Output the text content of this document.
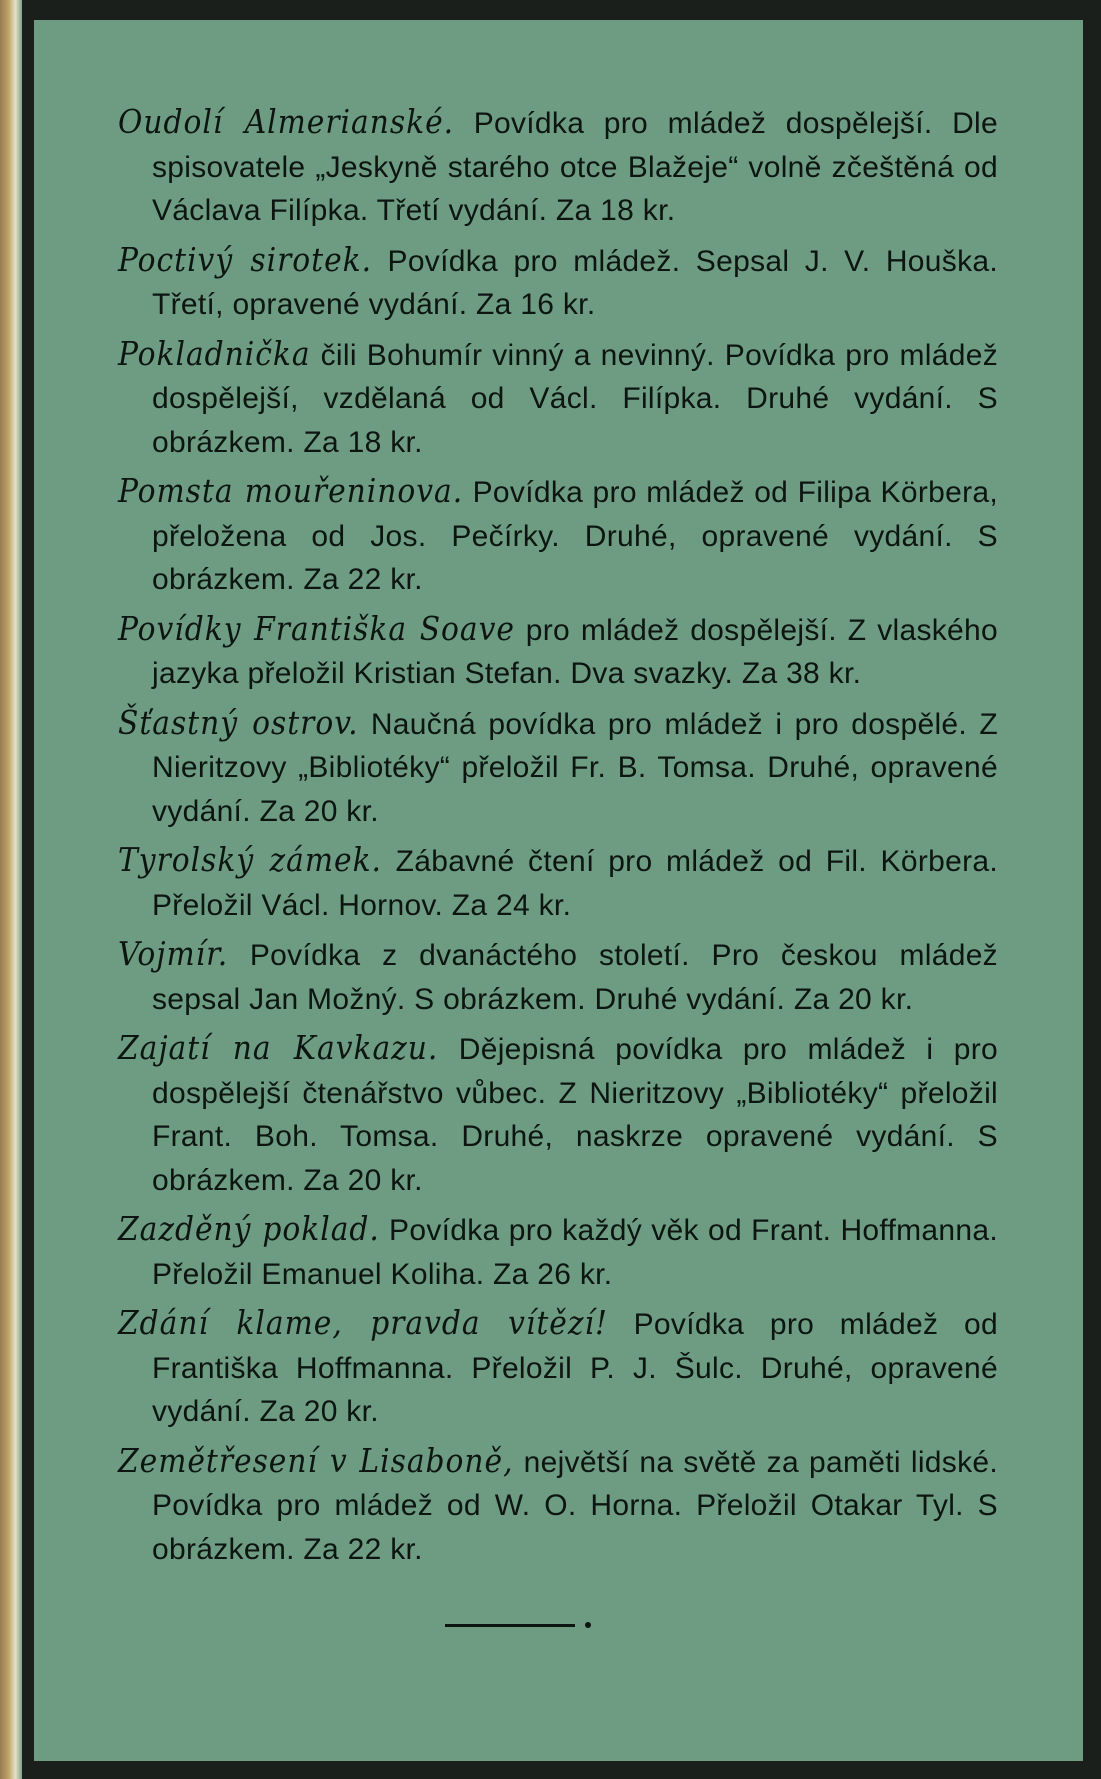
Oudolí Almerianské. Povídka pro mládež dospělejší. Dle spisovatele „Jeskyně starého otce Blažeje“ volně zčeštěná od Václava Filípka. Třetí vydání. Za 18 kr.

Poctivý sirotek. Povídka pro mládež. Sepsal J. V. Houška. Třetí, opravené vydání. Za 16 kr.

Pokladnička čili Bohumír vinný a nevinný. Povídka pro mládež dospělejší, vzdělaná od Václ. Filípka. Druhé vydání. S obrázkem. Za 18 kr.

Pomsta mouřeninova. Povídka pro mládež od Filipa Körbera, přeložena od Jos. Pečírky. Druhé, opravené vydání. S obrázkem. Za 22 kr.

Povídky Františka Soave pro mládež dospělejší. Z vlaského jazyka přeložil Kristian Stefan. Dva svazky. Za 38 kr.

Šťastný ostrov. Naučná povídka pro mládež i pro dospělé. Z Nieritzovy „Bibliotéky“ přeložil Fr. B. Tomsa. Druhé, opravené vydání. Za 20 kr.

Tyrolský zámek. Zábavné čtení pro mládež od Fil. Körbera. Přeložil Václ. Hornov. Za 24 kr.

Vojmír. Povídka z dvanáctého století. Pro českou mládež sepsal Jan Možný. S obrázkem. Druhé vydání. Za 20 kr.

Zajatí na Kavkazu. Dějepisná povídka pro mládež i pro dospělejší čtenářstvo vůbec. Z Nieritzovy „Bibliotéky“ přeložil Frant. Boh. Tomsa. Druhé, naskrze opravené vydání. S obrázkem. Za 20 kr.

Zazděný poklad. Povídka pro každý věk od Frant. Hoffmanna. Přeložil Emanuel Koliha. Za 26 kr.

Zdání klame, pravda vítězí! Povídka pro mládež od Františka Hoffmanna. Přeložil P. J. Šulc. Druhé, opravené vydání. Za 20 kr.

Zemětřesení v Lisaboně, největší na světě za paměti lidské. Povídka pro mládež od W. O. Horna. Přeložil Otakar Tyl. S obrázkem. Za 22 kr.
